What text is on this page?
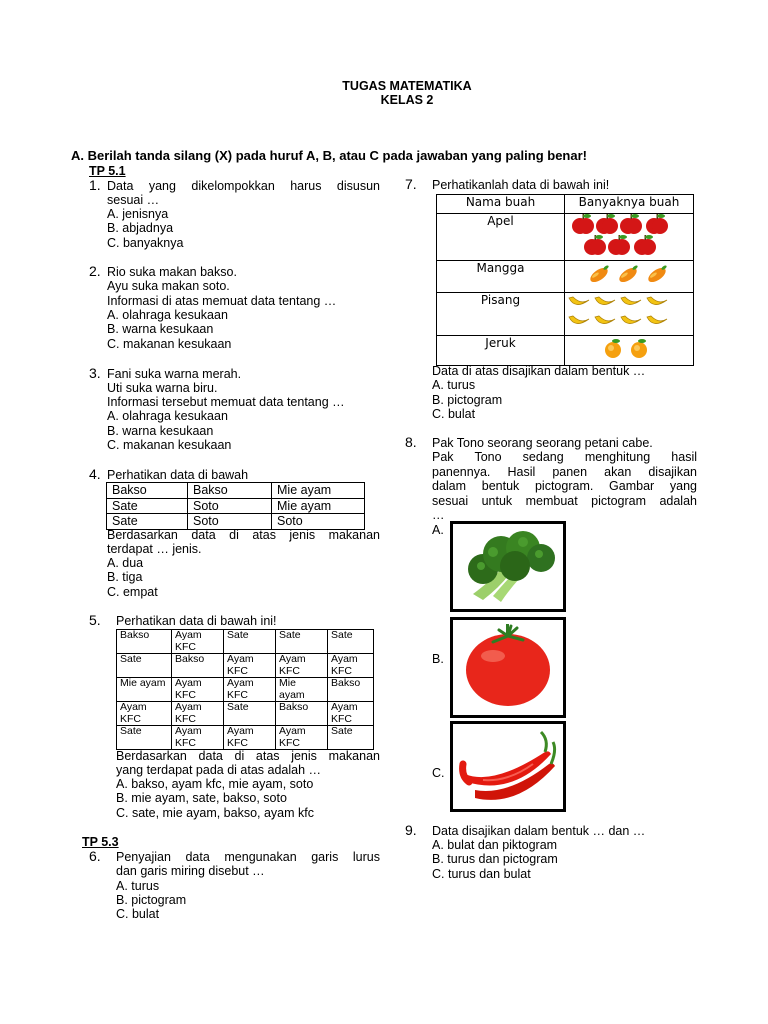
TUGAS MATEMATIKA
KELAS 2
A. Berilah tanda silang (X) pada huruf A, B, atau C pada jawaban yang paling benar!
TP 5.1
1. Data yang dikelompokkan harus disusun
sesuai …
A. jenisnya
B. abjadnya
C. banyaknya
2. Rio suka makan bakso.
Ayu suka makan soto.
Informasi di atas memuat data tentang …
A. olahraga kesukaan
B. warna kesukaan
C. makanan kesukaan
3. Fani suka warna merah.
Uti suka warna biru.
Informasi tersebut memuat data tentang …
A. olahraga kesukaan
B. warna kesukaan
C. makanan kesukaan
4. Perhatikan data di bawah
Bakso	Bakso	Mie ayam
Sate	Soto	Mie ayam
Sate	Soto	Soto
Berdasarkan data di atas jenis makanan
terdapat … jenis.
A. dua
B. tiga
C. empat
5. Perhatikan data di bawah ini!
Bakso	Ayam KFC	Sate	Sate	Sate
Sate	Bakso	Ayam KFC	Ayam KFC	Ayam KFC
Mie ayam	Ayam KFC	Ayam KFC	Mie ayam	Bakso
Ayam KFC	Ayam KFC	Sate	Bakso	Ayam KFC
Sate	Ayam KFC	Ayam KFC	Ayam KFC	Sate
Berdasarkan data di atas jenis makanan
yang terdapat pada di atas adalah …
A. bakso, ayam kfc, mie ayam, soto
B. mie ayam, sate, bakso, soto
C. sate, mie ayam, bakso, ayam kfc
TP 5.3
6. Penyajian data mengunakan garis lurus
dan garis miring disebut …
A. turus
B. pictogram
C. bulat
7. Perhatikanlah data di bawah ini!
Nama buah	Banyaknya buah
Apel	
Mangga	
Pisang	
Jeruk	
Data di atas disajikan dalam bentuk …
A. turus
B. pictogram
C. bulat
8. Pak Tono seorang seorang petani cabe.
Pak Tono sedang menghitung hasil
panennya. Hasil panen akan disajikan
dalam bentuk pictogram. Gambar yang
sesuai untuk membuat pictogram adalah
…
A.
B.
C.
9. Data disajikan dalam bentuk … dan …
A. bulat dan piktogram
B. turus dan pictogram
C. turus dan bulat
